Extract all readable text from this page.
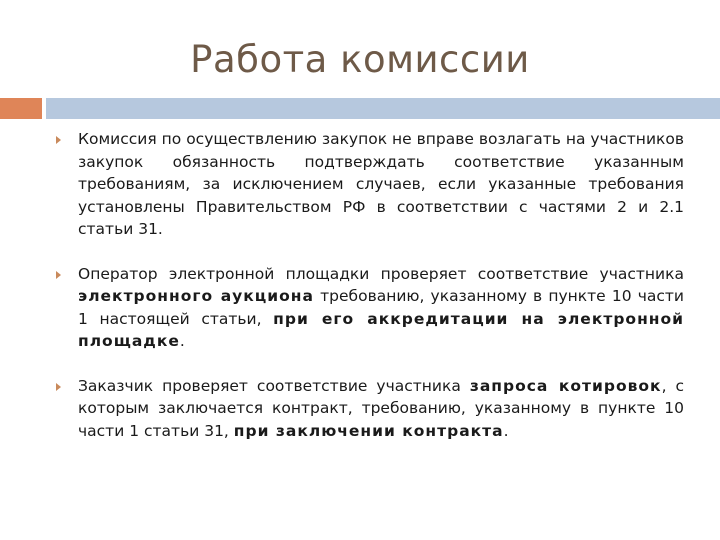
Работа комиссии
Комиссия по осуществлению закупок не вправе возлагать на участников закупок обязанность подтверждать соответствие указанным требованиям, за исключением случаев, если указанные требования установлены Правительством РФ в соответствии с частями 2 и 2.1 статьи 31.
Оператор электронной площадки проверяет соответствие участника электронного аукциона требованию, указанному в пункте 10 части 1 настоящей статьи, при его аккредитации на электронной площадке.
Заказчик проверяет соответствие участника запроса котировок, с которым заключается контракт, требованию, указанному в пункте 10 части 1 статьи 31, при заключении контракта.
